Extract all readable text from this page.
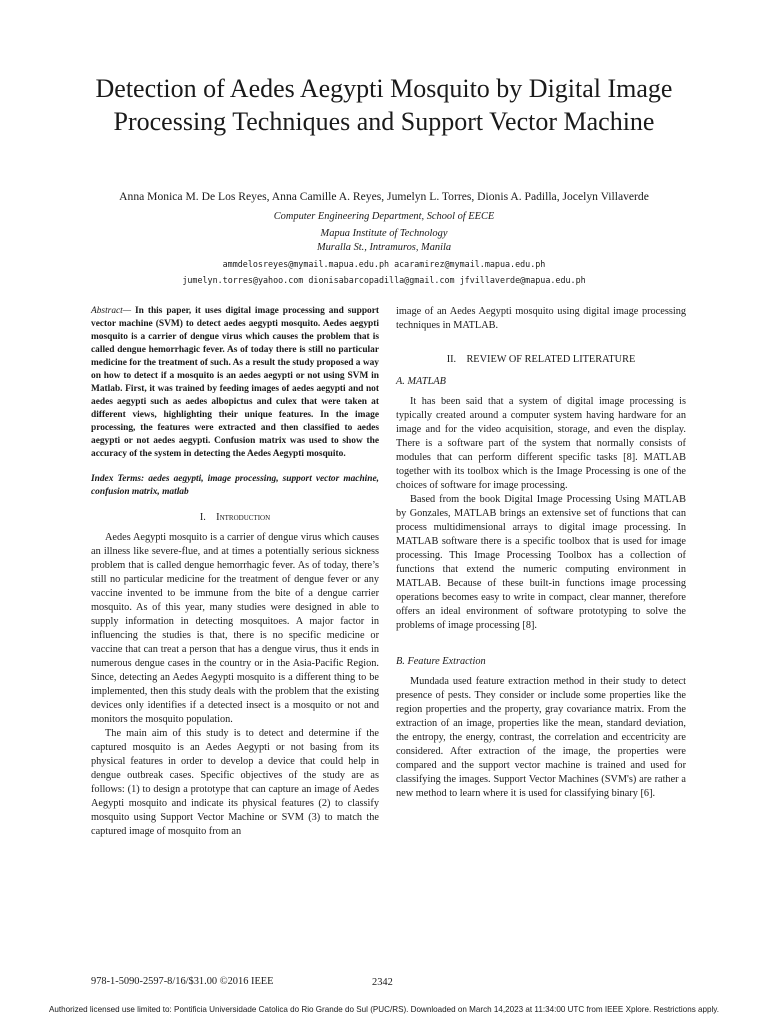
Detection of Aedes Aegypti Mosquito by Digital Image Processing Techniques and Support Vector Machine
Anna Monica M. De Los Reyes, Anna Camille A. Reyes, Jumelyn L. Torres, Dionis A. Padilla, Jocelyn Villaverde
Computer Engineering Department, School of EECE
Mapua Institute of Technology
Muralla St., Intramuros, Manila
ammdelosreyes@mymail.mapua.edu.ph acaramirez@mymail.mapua.edu.ph
jumelyn.torres@yahoo.com dionisabarcopadilla@gmail.com jfvillaverde@mapua.edu.ph

Abstract— In this paper, it uses digital image processing and support vector machine (SVM) to detect aedes aegypti mosquito. Aedes aegypti mosquito is a carrier of dengue virus which causes the problem that is called dengue hemorrhagic fever. As of today there is still no particular medicine for the treatment of such. As a result the study proposed a way on how to detect if a mosquito is an aedes aegypti or not using SVM in Matlab. First, it was trained by feeding images of aedes aegypti and not aedes aegypti such as aedes albopictus and culex that were taken at different views, highlighting their unique features. In the image processing, the features were extracted and then classified to aedes aegypti or not aedes aegypti. Confusion matrix was used to show the accuracy of the system in detecting the Aedes Aegypti mosquito.

Index Terms: aedes aegypti, image processing, support vector machine, confusion matrix, matlab

I. Introduction

Aedes Aegypti mosquito is a carrier of dengue virus which causes an illness like severe-flue, and at times a potentially serious sickness problem that is called dengue hemorrhagic fever. As of today, there’s still no particular medicine for the treatment of dengue fever or any vaccine invented to be immune from the bite of a dengue carrier mosquito. As of this year, many studies were designed in able to supply information in detecting mosquitoes. A major factor in influencing the studies is that, there is no specific medicine or vaccine that can treat a person that has a dengue virus, thus it ends in numerous dengue cases in the country or in the Asia-Pacific Region. Since, detecting an Aedes Aegypti mosquito is a different thing to be implemented, then this study deals with the problem that the existing devices only identifies if a detected insect is a mosquito or not and monitors the mosquito population.

The main aim of this study is to detect and determine if the captured mosquito is an Aedes Aegypti or not basing from its physical features in order to develop a device that could help in dengue outbreak cases. Specific objectives of the study are as follows: (1) to design a prototype that can capture an image of Aedes Aegypti mosquito and indicate its physical features (2) to classify mosquito using Support Vector Machine or SVM (3) to match the captured image of mosquito from an

image of an Aedes Aegypti mosquito using digital image processing techniques in MATLAB.

II. REVIEW OF RELATED LITERATURE

A. MATLAB

It has been said that a system of digital image processing is typically created around a computer system having hardware for an image and for the video acquisition, storage, and even the display. There is a software part of the system that normally consists of modules that can perform different specific tasks [8]. MATLAB together with its toolbox which is the Image Processing is one of the choices of software for image processing.

Based from the book Digital Image Processing Using MATLAB by Gonzales, MATLAB brings an extensive set of functions that can process multidimensional arrays to digital image processing. In MATLAB software there is a specific toolbox that is used for image processing. This Image Processing Toolbox has a collection of functions that extend the numeric computing environment in MATLAB. Because of these built-in functions image processing operations becomes easy to write in compact, clear manner, therefore offers an ideal environment of software prototyping to solve the problems of image processing [8].

B. Feature Extraction

Mundada used feature extraction method in their study to detect presence of pests. They consider or include some properties like the region properties and the property, gray covariance matrix. From the extraction of an image, properties like the mean, standard deviation, the entropy, the energy, contrast, the correlation and eccentricity are considered. After extraction of the image, the properties were compared and the support vector machine is trained and used for classifying the images. Support Vector Machines (SVM's) are rather a new method to learn where it is used for classifying binary [6].

978-1-5090-2597-8/16/$31.00 ©2016 IEEE	2342
Authorized licensed use limited to: Pontificia Universidade Catolica do Rio Grande do Sul (PUC/RS). Downloaded on March 14,2023 at 11:34:00 UTC from IEEE Xplore. Restrictions apply.
